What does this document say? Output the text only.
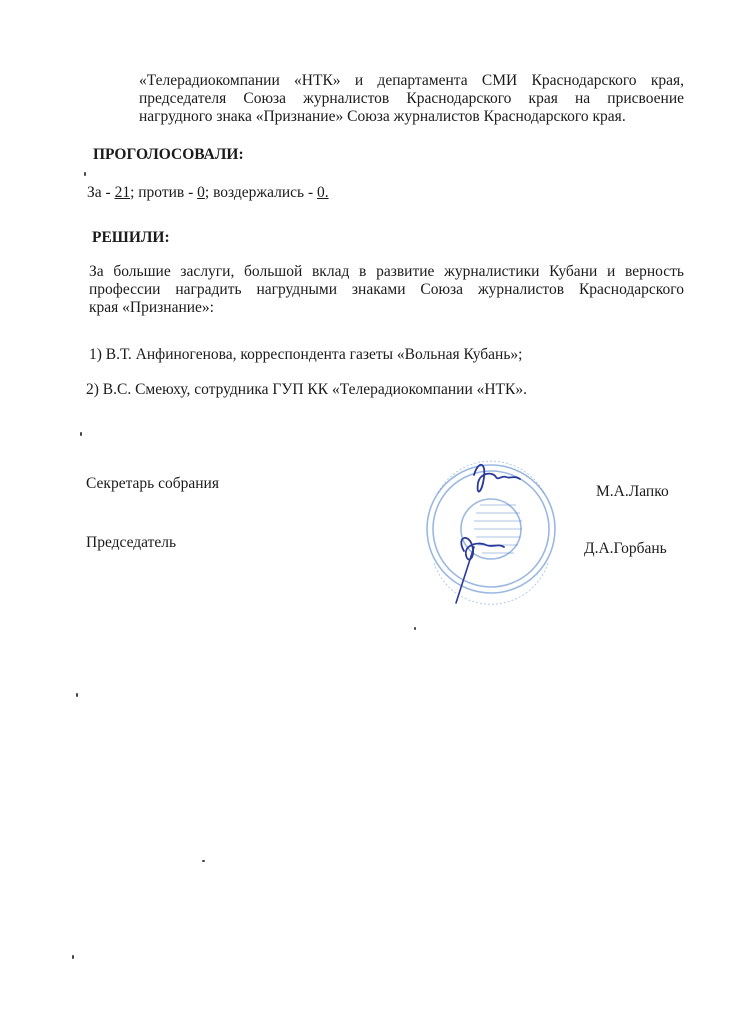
«Телерадиокомпании «НТК» и департамента СМИ Краснодарского края,
председателя Союза журналистов Краснодарского края на присвоение
нагрудного знака «Признание» Союза журналистов Краснодарского края.

ПРОГОЛОСОВАЛИ:

За - 21; против - 0; воздержались - 0.

РЕШИЛИ:

За большие заслуги, большой вклад в развитие журналистики Кубани и верность
профессии наградить нагрудными знаками Союза журналистов Краснодарского
края «Признание»:

1) В.Т. Анфиногенова, корреспондента газеты «Вольная Кубань»;

2) В.С. Смеюху, сотрудника ГУП КК «Телерадиокомпании «НТК».

Секретарь собрания	М.А.Лапко

Председатель	Д.А.Горбань
